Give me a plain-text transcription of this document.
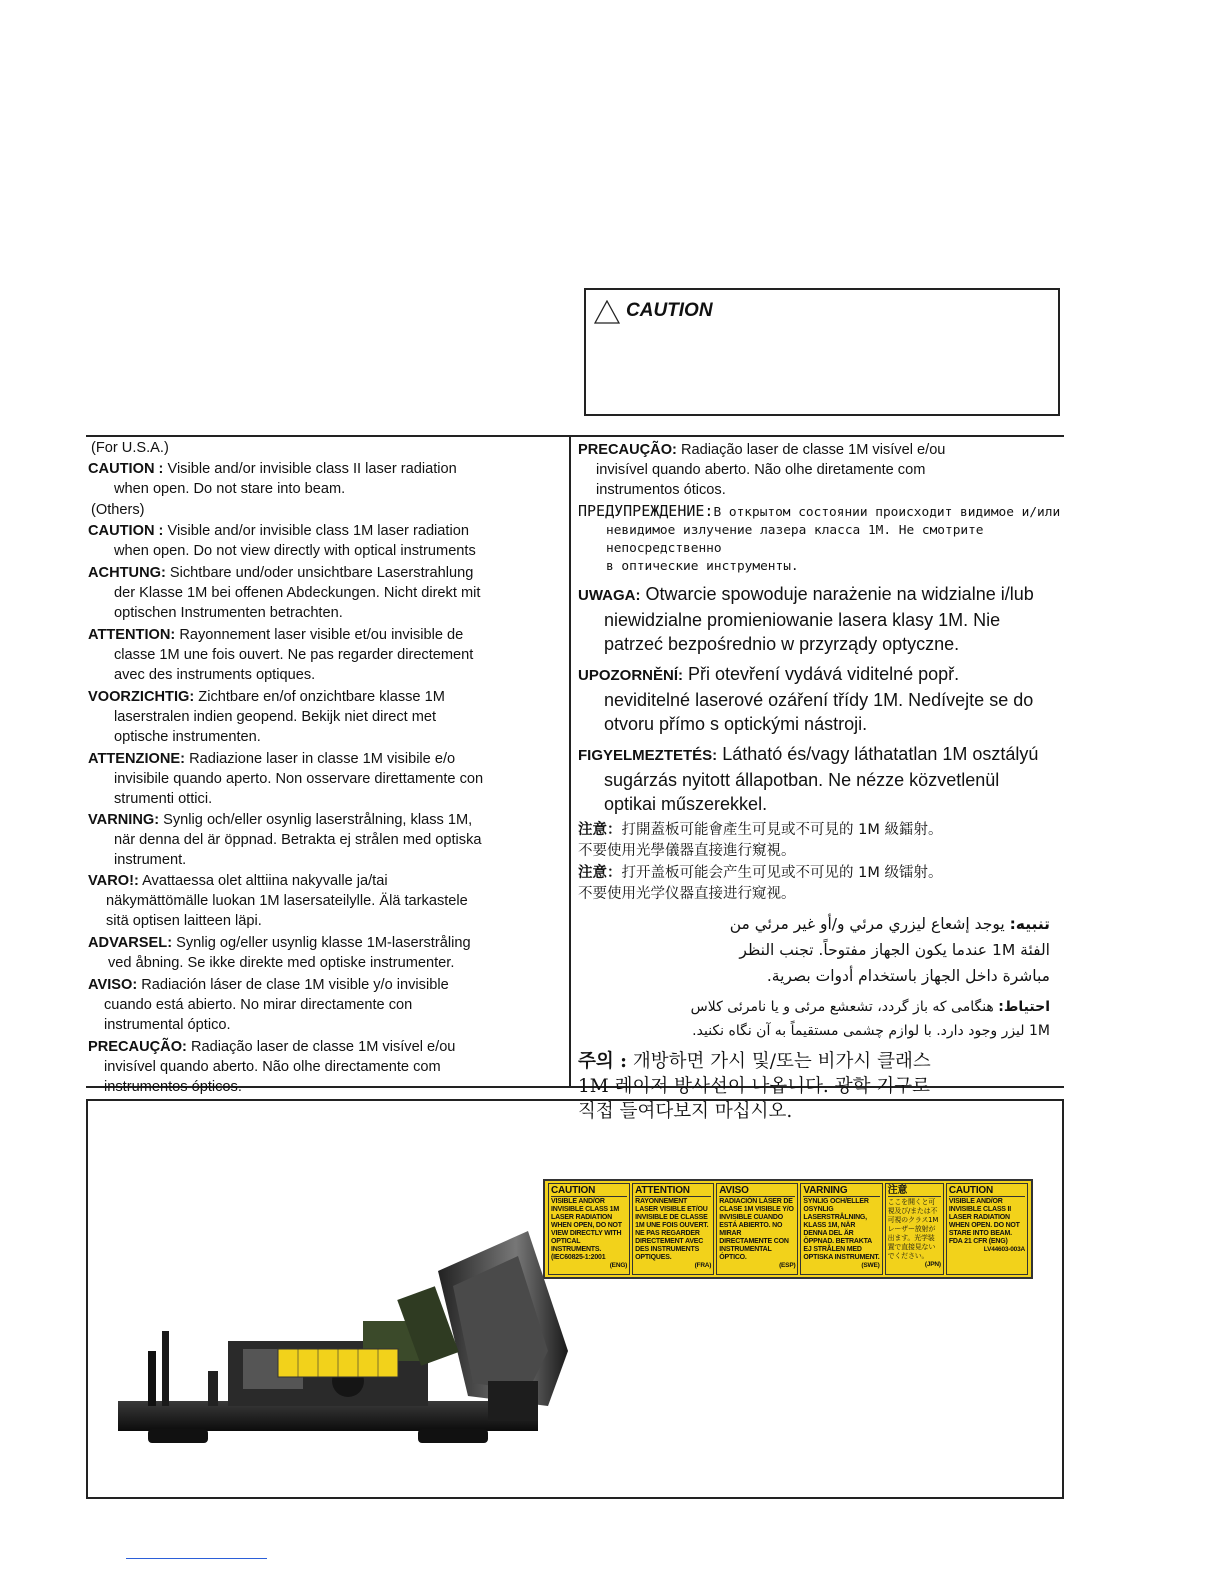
CAUTION
(For U.S.A.)
CAUTION : Visible and/or invisible class II laser radiation
when open. Do not stare into beam.
(Others)
CAUTION : Visible and/or invisible class 1M laser radiation
when open. Do not view directly with optical instruments
ACHTUNG: Sichtbare und/oder unsichtbare Laserstrahlung
der Klasse 1M bei offenen Abdeckungen. Nicht direkt mit
optischen Instrumenten betrachten.
ATTENTION: Rayonnement laser visible et/ou invisible de
classe 1M une fois ouvert. Ne pas regarder directement
avec des instruments optiques.
VOORZICHTIG: Zichtbare en/of onzichtbare klasse 1M
laserstralen indien geopend. Bekijk niet direct met
optische instrumenten.
ATTENZIONE: Radiazione laser in classe 1M visibile e/o
invisibile quando aperto. Non osservare direttamente con
strumenti ottici.
VARNING: Synlig och/eller osynlig laserstrålning, klass 1M,
när denna del är öppnad. Betrakta ej strålen med optiska
instrument.
VARO!: Avattaessa olet alttiina nakyvalle ja/tai
näkymättömälle luokan 1M lasersateilylle. Älä tarkastele
sitä optisen laitteen läpi.
ADVARSEL: Synlig og/eller usynlig klasse 1M-laserstråling
ved åbning. Se ikke direkte med optiske instrumenter.
AVISO: Radiación láser de clase 1M visible y/o invisible
cuando está abierto. No mirar directamente con
instrumental óptico.
PRECAUÇÃO: Radiação laser de classe 1M visível e/ou
invisível quando aberto. Não olhe directamente com
instrumentos ópticos.
PRECAUÇÃO: Radiação laser de classe 1M visível e/ou
invisível quando aberto. Não olhe diretamente com
instrumentos óticos.
ПРЕДУПРЕЖДЕНИЕ:В открытом состоянии происходит видимое и/или
невидимое излучение лазера класса 1M. Не смотрите непосредственно
в оптические инструменты.
UWAGA: Otwarcie spowoduje narażenie na widzialne i/lub
niewidzialne promieniowanie lasera klasy 1M. Nie
patrzeć bezpośrednio w przyrządy optyczne.
UPOZORNĚNÍ: Při otevření vydává viditelné popř.
neviditelné laserové ozáření třídy 1M. Nedívejte se do
otvoru přímo s optickými nástroji.
FIGYELMEZTETÉS: Látható és/vagy láthatatlan 1M osztályú
sugárzás nyitott állapotban. Ne nézze közvetlenül
optikai műszerekkel.
注意：打開蓋板可能會產生可見或不可見的 1M 級鐳射。
不要使用光學儀器直接進行窺視。
注意：打开盖板可能会产生可见或不可见的 1M 级镭射。
不要使用光学仪器直接进行窥视。
تنبيه: يوجد إشعاع ليزري مرئي و/أو غير مرئي من
الفئة 1M عندما يكون الجهاز مفتوحاً. تجنب النظر
مباشرة داخل الجهاز باستخدام أدوات بصرية.
احتیاط: هنگامی که باز گردد، تشعشع مرئی و یا نامرئی کلاس
1M لیزر وجود دارد. با لوازم چشمی مستقیماً به آن نگاه نکنید.
주의 : 개방하면 가시 및/또는 비가시 클래스
1M 레이저 방사선이 나옵니다. 광학 기구로
직접 들여다보지 마십시오.
CAUTION
VISIBLE AND/OR INVISIBLE CLASS 1M LASER RADIATION WHEN OPEN, DO NOT VIEW DIRECTLY WITH OPTICAL INSTRUMENTS. (IEC60825-1:2001
(ENG)
ATTENTION
RAYONNEMENT LASER VISIBLE ET/OU INVISIBLE DE CLASSE 1M UNE FOIS OUVERT. NE PAS REGARDER DIRECTEMENT AVEC DES INSTRUMENTS OPTIQUES.
(FRA)
AVISO
RADIACIÓN LÁSER DE CLASE 1M VISIBLE Y/O INVISIBLE CUANDO ESTÁ ABIERTO. NO MIRAR DIRECTAMENTE CON INSTRUMENTAL ÓPTICO.
(ESP)
VARNING
SYNLIG OCH/ELLER OSYNLIG LASERSTRÅLNING, KLASS 1M, NÄR DENNA DEL ÄR ÖPPNAD. BETRAKTA EJ STRÅLEN MED OPTISKA INSTRUMENT.
(SWE)
注意
ここを開くと可視及び/または不可視のクラス1Mレーザー放射が出ます。光学装置で直接見ないでください。
(JPN)
CAUTION
VISIBLE AND/OR INVISIBLE CLASS II LASER RADIATION WHEN OPEN. DO NOT STARE INTO BEAM. FDA 21 CFR (ENG)
LV44603-003A
